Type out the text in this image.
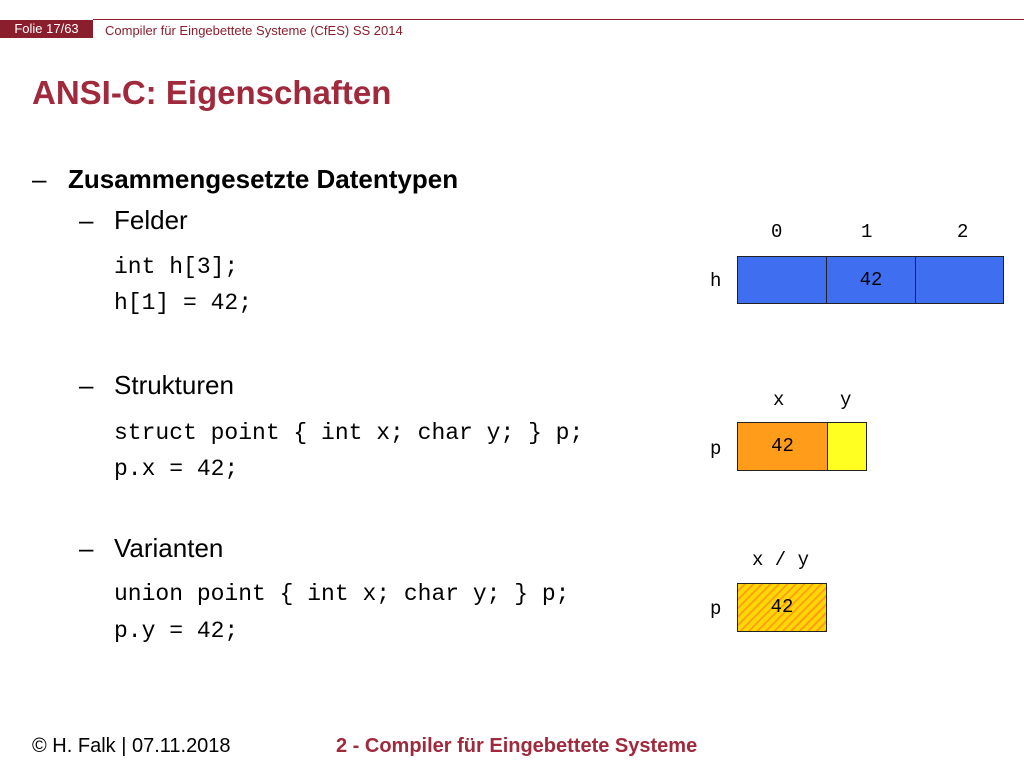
Folie 17/63	Compiler für Eingebettete Systeme (CfES) SS 2014
ANSI-C: Eigenschaften
– Zusammengesetzte Datentypen
– Felder
int h[3];
h[1] = 42;
– Strukturen
struct point { int x; char y; } p;
p.x = 42;
– Varianten
union point { int x; char y; } p;
p.y = 42;
0	1	2
h	42
x	y
p	42
x / y
p	42
© H. Falk | 07.11.2018	2 - Compiler für Eingebettete Systeme
